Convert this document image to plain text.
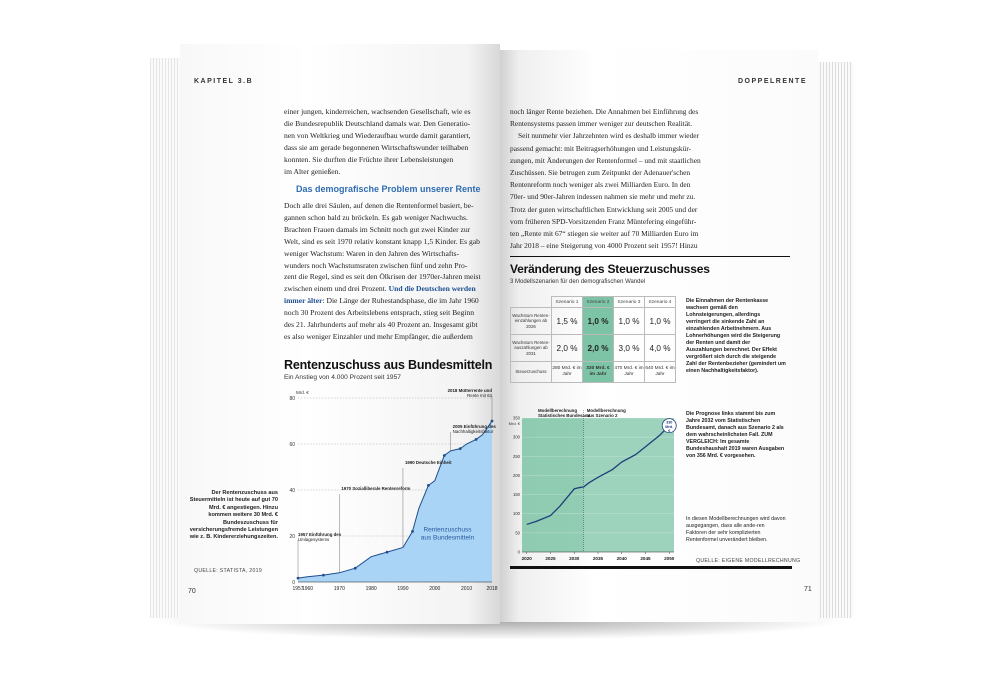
KAPITEL 3.B

einer jungen, kinderreichen, wachsenden Gesellschaft, wie es

die Bundesrepublik Deutschland damals war. Den Generatio-

nen von Weltkrieg und Wiederaufbau wurde damit garantiert,

dass sie am gerade begonnenen Wirtschaftswunder teilhaben

konnten. Sie durften die Früchte ihrer Lebensleistungen

im Alter genießen.

Das demografische Problem unserer Rente

Doch alle drei Säulen, auf denen die Rentenformel basiert, be-

gannen schon bald zu bröckeln. Es gab weniger Nachwuchs.

Brachten Frauen damals im Schnitt noch gut zwei Kinder zur

Welt, sind es seit 1970 relativ konstant knapp 1,5 Kinder. Es gab

weniger Wachstum: Waren in den Jahren des Wirtschafts-

wunders noch Wachstumsraten zwischen fünf und zehn Pro-

zent die Regel, sind es seit den Ölkrisen der 1970er-Jahren meist

zwischen einem und drei Prozent. Und die Deutschen werden

immer älter: Die Länge der Ruhestandsphase, die im Jahr 1960

noch 30 Prozent des Arbeitslebens entsprach, stieg seit Beginn

des 21. Jahrhunderts auf mehr als 40 Prozent an. Insgesamt gibt

es also weniger Einzahler und mehr Empfänger, die außerdem

Rentenzuschuss aus Bundesmitteln
Ein Anstieg von 4.000 Prozent seit 1957
0
20
40
60
80
Mrd. €
1957
1960	1970	1980	1990	2000	2010	2018
1957 Einführung des
Umlagesystems
1970 Sozialliberale Rentenreform
1990 Deutsche Einheit
2005 Einführung des
Nachhaltigkeitsfaktor
2018 Mütterrente und
Rente mit 63
Rentenzuschuss
aus Bundesmitteln
Der Rentenzuschuss aus Steuermitteln ist heute auf gut 70 Mrd. € angestiegen. Hinzu kommen weitere 30 Mrd. € Bundeszuschuss für versicherungsfremde Leistungen wie z. B. Kindererziehungszeiten.
QUELLE: STATISTA, 2019
70
DOPPELRENTE

noch länger Rente beziehen. Die Annahmen bei Einführung des

Rentensystems passen immer weniger zur deutschen Realität.

Seit nunmehr vier Jahrzehnten wird es deshalb immer wieder

passend gemacht: mit Beitragserhöhungen und Leistungskür-

zungen, mit Änderungen der Rentenformel – und mit staatlichen

Zuschüssen. Sie betrugen zum Zeitpunkt der Adenauer'schen

Rentenreform noch weniger als zwei Milliarden Euro. In den

70er- und 90er-Jahren indessen nahmen sie mehr und mehr zu.

Trotz der guten wirtschaftlichen Entwicklung seit 2005 und der

vom früheren SPD-Vorsitzenden Franz Müntefering eingeführ-

ten „Rente mit 67“ stiegen sie weiter auf 70 Milliarden Euro im

Jahr 2018 – eine Steigerung von 4000 Prozent seit 1957! Hinzu

Veränderung des Steuerzuschusses
3 Modellszenarien für den demografischen Wandel
	Szenario 1	Szenario 2	Szenario 3	Szenario 4
Wachstum Renten-einzahlungen ab 2026	1,5 %	1,0 %	1,0 %	1,0 %
Wachstum Renten-auszahlungen ab 2031	2,0 %	2,0 %	3,0 %	4,0 %
Steuerzuschuss	280 Mrd. € im Jahr	330 Mrd. € im Jahr	470 Mrd. € im Jahr	640 Mrd. € im Jahr
Die Einnahmen der Rentenkasse wachsen gemäß den Lohnsteigerungen, allerdings verringert die sinkende Zahl an einzahlenden Arbeitnehmern. Aus Lohnerhöhungen wird die Steigerung der Renten und damit der Auszahlungen berechnet. Der Effekt vergrößert sich durch die steigende Zahl der Rentenbezieher (gemindert um einen Nachhaltigkeitsfaktor).
Die Prognose links stammt bis zum Jahre 2032 vom Statistischen Bundesamt, danach aus Szenario 2 als dem wahrscheinlichsten Fall. ZUM VERGLEICH: Im gesamte Bundeshaushalt 2019 waren Ausgaben von 356 Mrd. € vorgesehen.
In diesen Modellberechnungen wird davon ausgegangen, dass alle ande-ren Faktoren der sehr komplizierten Rentenformel unverändert bleiben.
Modellberechnung
Statistisches Bundesamt
Modellberechnung
aus Szenario 2
0
50
100
150
200
250
300
350
Mrd. €	330
Mrd.
€
2020	2025	2030	2035	2040	2045	2050	QUELLE: EIGENE MODELLRECHNUNG
71
